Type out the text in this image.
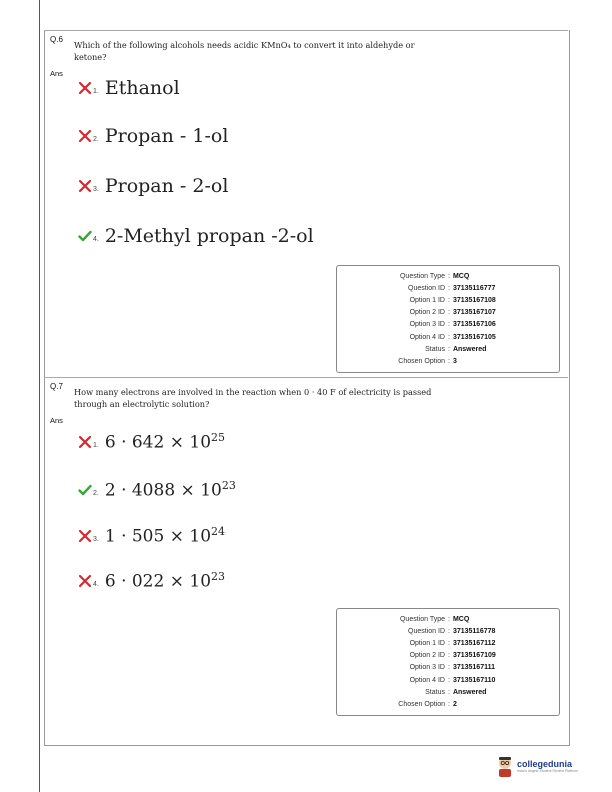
Q.6
Which of the following alcohols needs acidic KMnO₄ to convert it into aldehyde or ketone?
Ans
1. Ethanol
2. Propan - 1-ol
3. Propan - 2-ol
4. 2-Methyl propan -2-ol
Question Type : MCQ
Question ID : 37135116777
Option 1 ID : 37135167108
Option 2 ID : 37135167107
Option 3 ID : 37135167106
Option 4 ID : 37135167105
Status : Answered
Chosen Option : 3
Q.7
How many electrons are involved in the reaction when 0 · 40 F of electricity is passed through an electrolytic solution?
Ans
1. $6 \cdot 642 \times 10^{25}$
2. $2 \cdot 4088 \times 10^{23}$
3. $1 \cdot 505 \times 10^{24}$
4. $6 \cdot 022 \times 10^{23}$
Question Type : MCQ
Question ID : 37135116778
Option 1 ID : 37135167112
Option 2 ID : 37135167109
Option 3 ID : 37135167111
Option 4 ID : 37135167110
Status : Answered
Chosen Option : 2
collegedunia
India's largest Student Review Platform
